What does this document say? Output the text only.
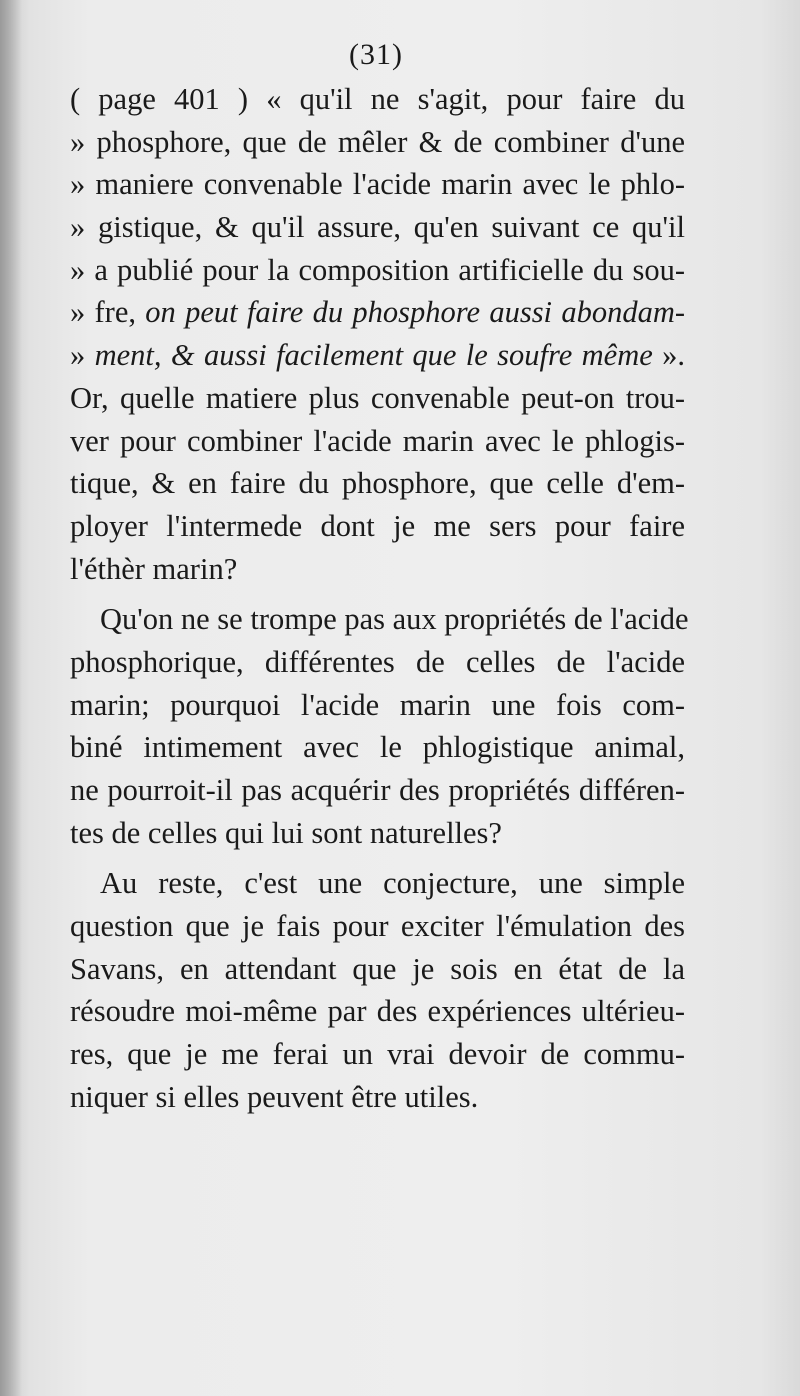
(31)
( page 401 ) « qu'il ne s'agit, pour faire du
» phosphore, que de mêler & de combiner d'une
» maniere convenable l'acide marin avec le phlo-
» gistique, & qu'il assure, qu'en suivant ce qu'il
» a publié pour la composition artificielle du sou-
» fre, on peut faire du phosphore aussi abondam-
» ment, & aussi facilement que le soufre même ».
Or, quelle matiere plus convenable peut-on trou-
ver pour combiner l'acide marin avec le phlogis-
tique, & en faire du phosphore, que celle d'em-
ployer l'intermede dont je me sers pour faire
l'éthèr marin?
Qu'on ne se trompe pas aux propriétés de l'acide
phosphorique, différentes de celles de l'acide
marin; pourquoi l'acide marin une fois com-
biné intimement avec le phlogistique animal,
ne pourroit-il pas acquérir des propriétés différen-
tes de celles qui lui sont naturelles?
Au reste, c'est une conjecture, une simple
question que je fais pour exciter l'émulation des
Savans, en attendant que je sois en état de la
résoudre moi-même par des expériences ultérieu-
res, que je me ferai un vrai devoir de commu-
niquer si elles peuvent être utiles.
